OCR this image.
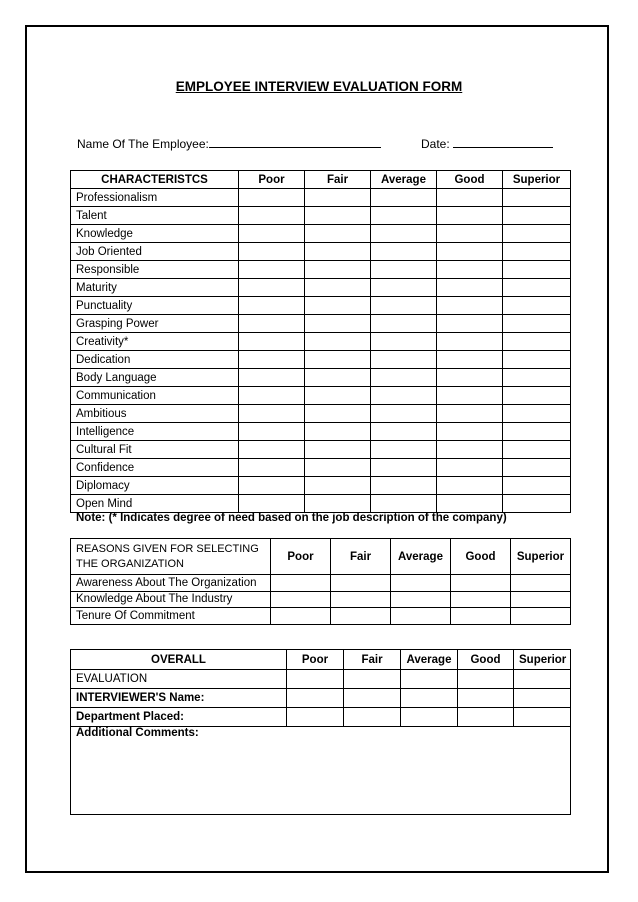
EMPLOYEE INTERVIEW EVALUATION FORM
Name Of The Employee:	Date:
CHARACTERISTCS	Poor	Fair	Average	Good	Superior
Professionalism					
Talent					
Knowledge					
Job Oriented					
Responsible					
Maturity					
Punctuality					
Grasping Power					
Creativity*					
Dedication					
Body Language					
Communication					
Ambitious					
Intelligence					
Cultural Fit					
Confidence					
Diplomacy					
Open Mind					
Note: (* Indicates degree of need based on the job description of the company)
REASONS GIVEN FOR SELECTING THE ORGANIZATION	Poor	Fair	Average	Good	Superior
Awareness About The Organization					
Knowledge About The Industry					
Tenure Of Commitment					
OVERALL	Poor	Fair	Average	Good	Superior
EVALUATION					
INTERVIEWER'S Name:					
Department Placed:					
Additional Comments:					
